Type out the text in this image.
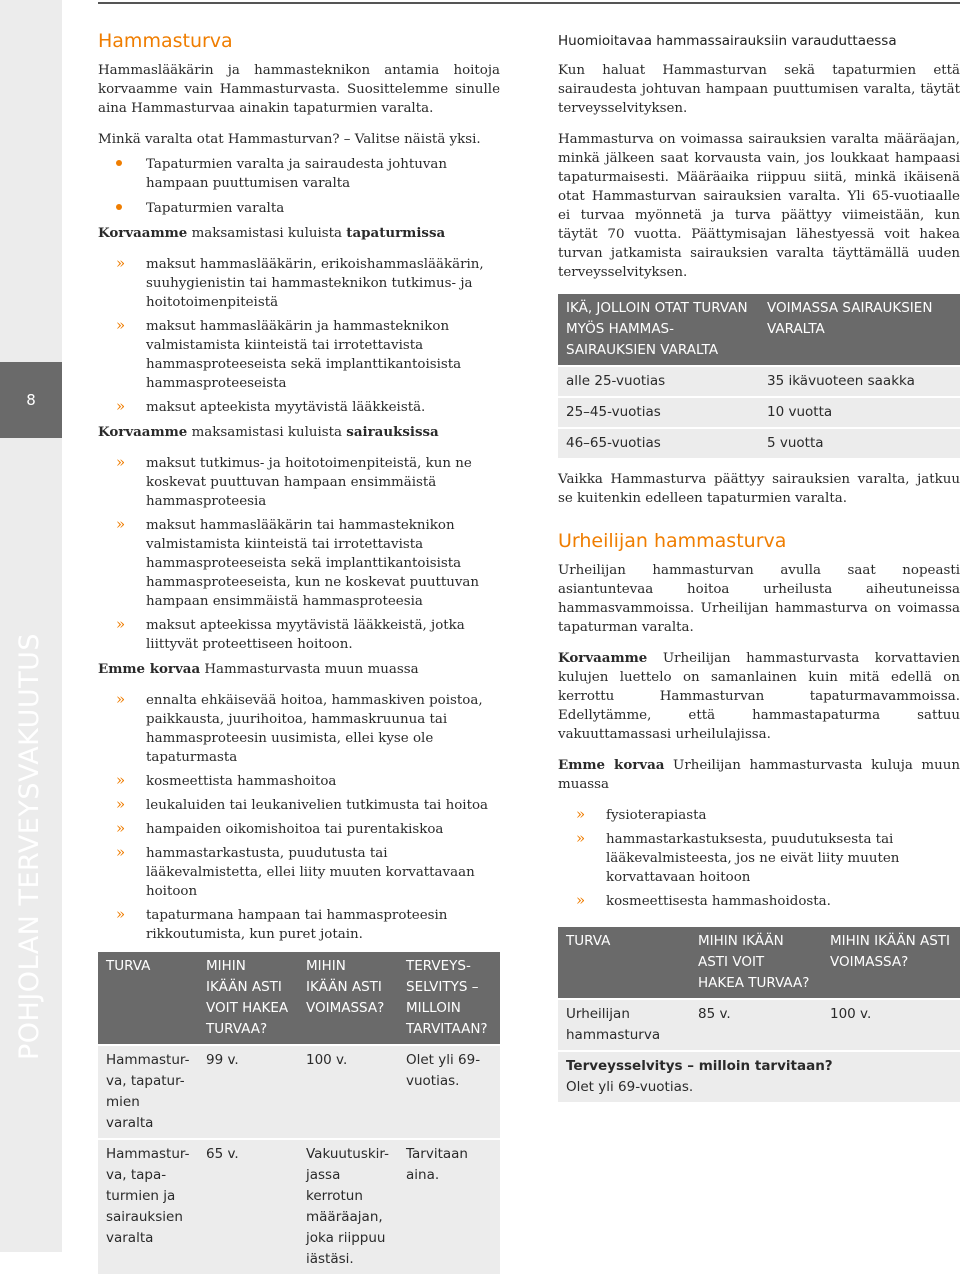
8
POHJOLAN TERVEYSVAKUUTUS
Hammasturva

Hammaslääkärin ja hammasteknikon antamia hoitoja korvaamme vain Hammasturvasta. Suosittelemme sinulle aina Hammasturvaa ainakin tapaturmien varalta.

Minkä varalta otat Hammasturvan? – Valitse näistä yksi.

Tapaturmien varalta ja sairaudesta johtuvan hampaan puuttumisen varalta
Tapaturmien varalta

Korvaamme maksamistasi kuluista tapaturmissa

» maksut hammaslääkärin, erikoishammaslääkärin, suuhygienistin tai hammasteknikon tutkimus- ja hoitotoimenpiteistä
» maksut hammaslääkärin ja hammasteknikon valmistamista kiinteistä tai irrotettavista hammasproteeseista sekä implanttikantoisista hammasproteeseista
» maksut apteekista myytävistä lääkkeistä.

Korvaamme maksamistasi kuluista sairauksissa

» maksut tutkimus- ja hoitotoimenpiteistä, kun ne koskevat puuttuvan hampaan ensimmäistä hammasproteesia
» maksut hammaslääkärin tai hammasteknikon valmistamista kiinteistä tai irrotettavista hammasproteeseista sekä implanttikantoisista hammasproteeseista, kun ne koskevat puuttuvan hampaan ensimmäistä hammasproteesia
» maksut apteekissa myytävistä lääkkeistä, jotka liittyvät proteettiseen hoitoon.

Emme korvaa Hammasturvasta muun muassa

» ennalta ehkäisevää hoitoa, hammaskiven poistoa, paikkausta, juurihoitoa, hammaskruunua tai hammasproteesin uusimista, ellei kyse ole tapaturmasta
» kosmeettista hammashoitoa
» leukaluiden tai leukanivelien tutkimusta tai hoitoa
» hampaiden oikomishoitoa tai purentakiskoa
» hammastarkastusta, puudutusta tai lääkevalmistetta, ellei liity muuten korvattavaan hoitoon
» tapaturmana hampaan tai hammasproteesin rikkoutumista, kun puret jotain.
TURVA	MIHIN IKÄÄN ASTI VOIT HAKEA TURVAA?	MIHIN IKÄÄN ASTI VOIMASSA?	TERVEYS-SELVITYS – MILLOIN TARVITAAN?
Hammastur-va, tapatur-mien varalta	99 v.	100 v.	Olet yli 69-vuotias.
Hammastur-va, tapa-turmien ja sairauksien varalta	65 v.	Vakuutuskir-jassa kerrotun määräajan, joka riippuu iästäsi.	Tarvitaan aina.
Huomioitavaa hammassairauksiin varauduttaessa

Kun haluat Hammasturvan sekä tapaturmien että sairaudesta johtuvan hampaan puuttumisen varalta, täytät terveysselvityksen.

Hammasturva on voimassa sairauksien varalta määräajan, minkä jälkeen saat korvausta vain, jos loukkaat hampaasi tapaturmaisesti. Määräaika riippuu siitä, minkä ikäisenä otat Hammasturvan sairauksien varalta. Yli 65-vuotiaalle ei turvaa myönnetä ja turva päättyy viimeistään, kun täytät 70 vuotta. Päättymisajan lähestyessä voit hakea turvan jatkamista sairauksien varalta täyttämällä uuden terveysselvityksen.

IKÄ, JOLLOIN OTAT TURVAN MYÖS HAMMAS-SAIRAUKSIEN VARALTA	VOIMASSA SAIRAUKSIEN VARALTA
alle 25-vuotias	35 ikävuoteen saakka
25–45-vuotias	10 vuotta
46–65-vuotias	5 vuotta

Vaikka Hammasturva päättyy sairauksien varalta, jatkuu se kuitenkin edelleen tapaturmien varalta.

Urheilijan hammasturva

Urheilijan hammasturvan avulla saat nopeasti asiantuntevaa hoitoa urheilusta aiheutuneissa hammasvammoissa. Urheilijan hammasturva on voimassa tapaturman varalta.

Korvaamme Urheilijan hammasturvasta korvattavien kulujen luettelo on samanlainen kuin mitä edellä on kerrottu Hammasturvan tapaturmavammoissa. Edellytämme, että hammastapaturma sattuu vakuuttamassasi urheilulajissa.

Emme korvaa Urheilijan hammasturvasta kuluja muun muassa

» fysioterapiasta
» hammastarkastuksesta, puudutuksesta tai lääkevalmisteesta, jos ne eivät liity muuten korvattavaan hoitoon
» kosmeettisesta hammashoidosta.
TURVA	MIHIN IKÄÄN ASTI VOIT HAKEA TURVAA?	MIHIN IKÄÄN ASTI VOIMASSA?
Urheilijan hammasturva	85 v.	100 v.
Terveysselvitys – milloin tarvitaan?
Olet yli 69-vuotias.		
